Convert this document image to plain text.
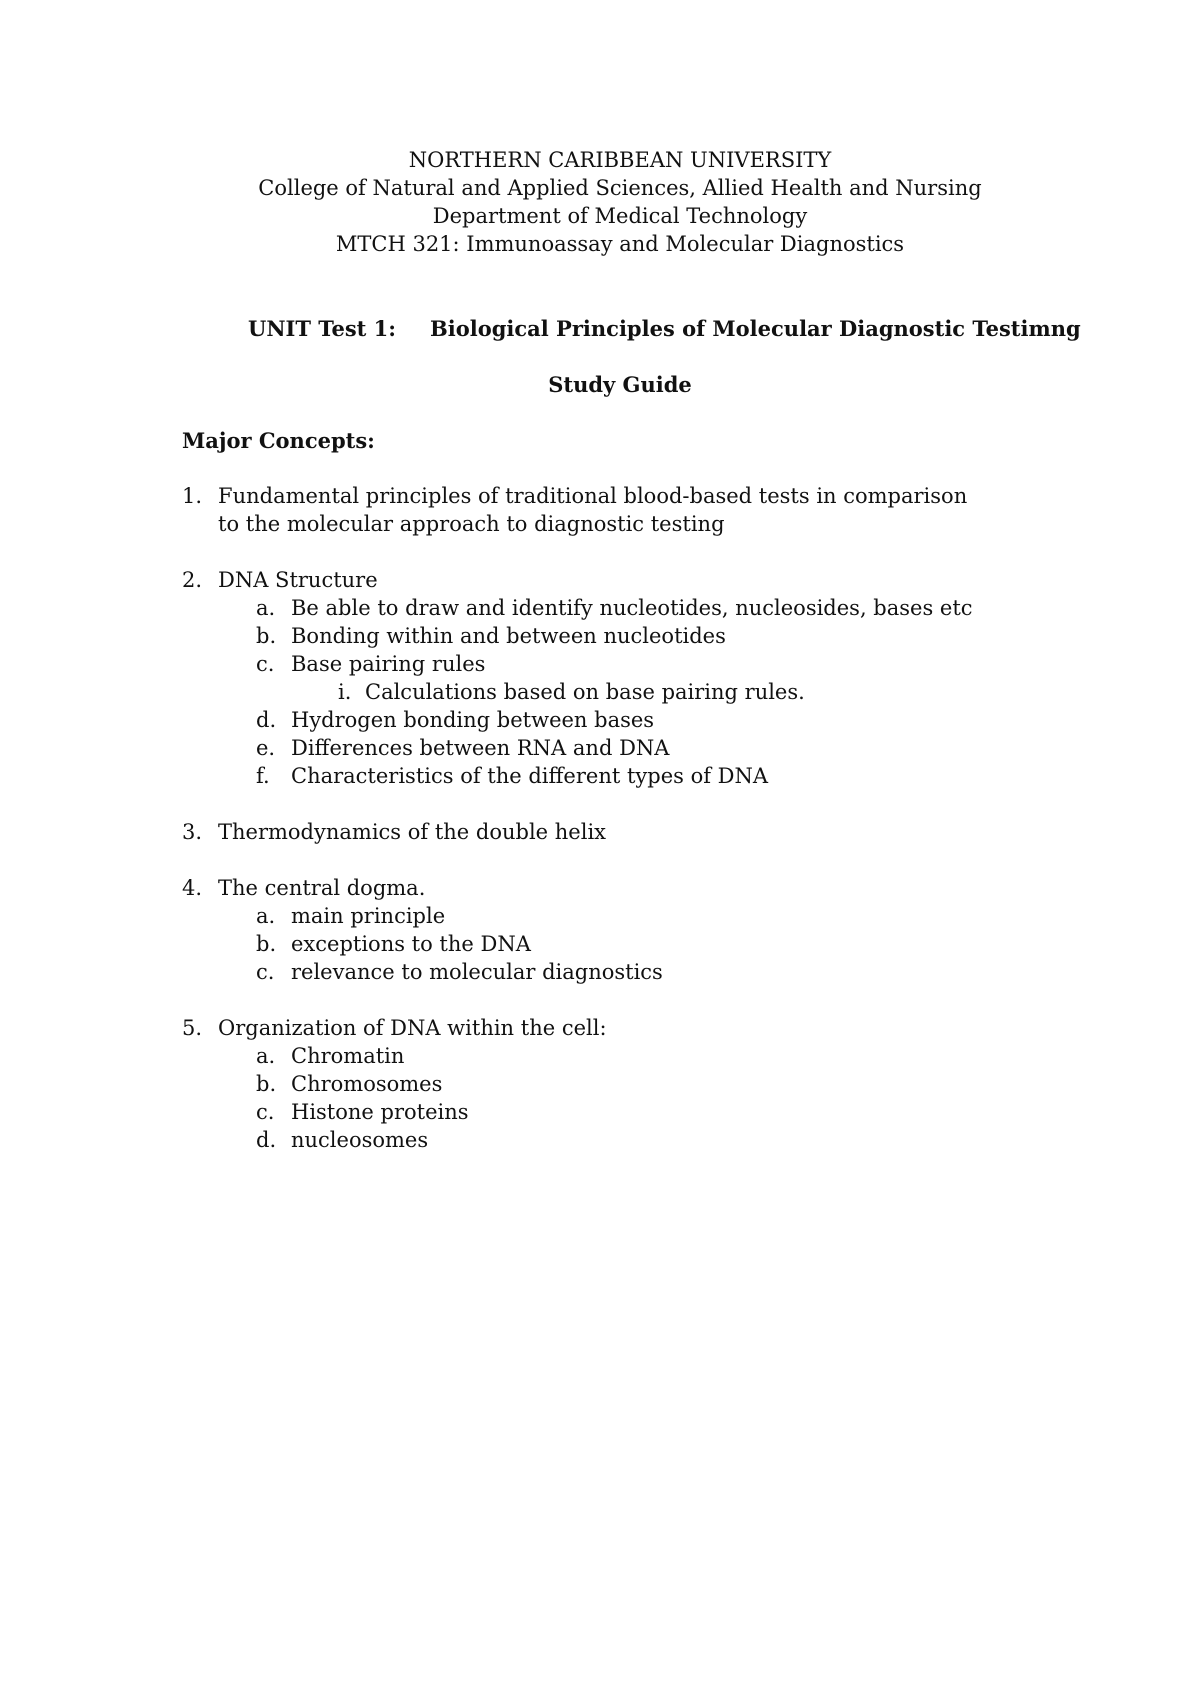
NORTHERN CARIBBEAN UNIVERSITY
College of Natural and Applied Sciences, Allied Health and Nursing
Department of Medical Technology
MTCH 321: Immunoassay and Molecular Diagnostics
UNIT Test 1: Biological Principles of Molecular Diagnostic Testimng
Study Guide
Major Concepts:
1. Fundamental principles of traditional blood-based tests in comparison to the molecular approach to diagnostic testing
2. DNA Structure
a. Be able to draw and identify nucleotides, nucleosides, bases etc
b. Bonding within and between nucleotides
c. Base pairing rules
i. Calculations based on base pairing rules.
d. Hydrogen bonding between bases
e. Differences between RNA and DNA
f. Characteristics of the different types of DNA
3. Thermodynamics of the double helix
4. The central dogma.
a. main principle
b. exceptions to the DNA
c. relevance to molecular diagnostics
5. Organization of DNA within the cell:
a. Chromatin
b. Chromosomes
c. Histone proteins
d. nucleosomes
